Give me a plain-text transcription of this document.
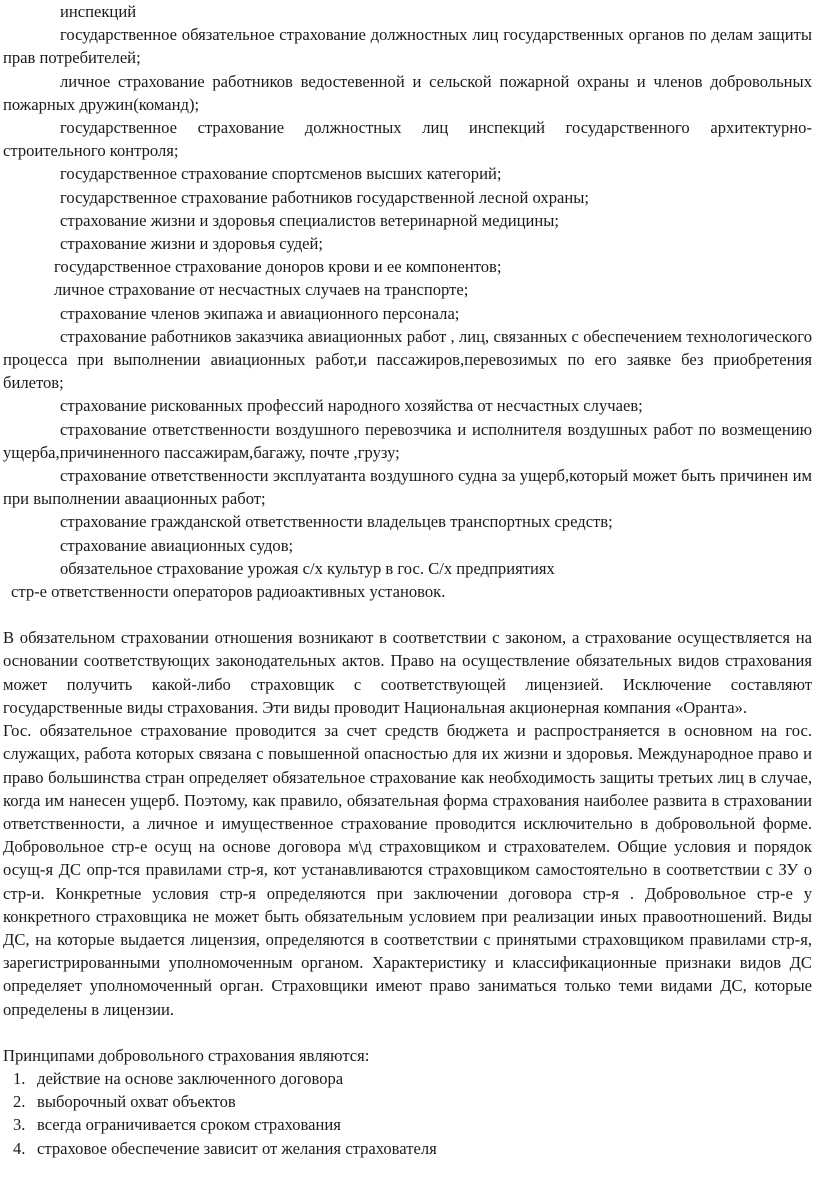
инспекций

государственное обязательное страхование должностных лиц государственных органов по делам защиты прав потребителей;

личное страхование работников ведостевенной и сельской пожарной охраны и членов добровольных пожарных дружин(команд);

государственное страхование должностных лиц инспекций государственного архитектурно-строительного контроля;

государственное страхование спортсменов высших категорий;

государственное страхование работников государственной лесной охраны;

страхование жизни и здоровья специалистов ветеринарной медицины;

страхование жизни и здоровья судей;

государственное страхование доноров крови и ее компонентов;

личное страхование от несчастных случаев на транспорте;

страхование членов экипажа и авиационного персонала;

страхование работников заказчика авиационных работ , лиц, связанных с обеспечением технологического процесса при выполнении авиационных работ,и пассажиров,перевозимых по его заявке без приобретения билетов;

страхование рискованных профессий народного хозяйства от несчастных случаев;

страхование ответственности воздушного перевозчика и исполнителя воздушных работ по возмещению ущерба,причиненного пассажирам,багажу, почте ,грузу;

страхование ответственности эксплуатанта воздушного судна за ущерб,который может быть причинен им при выполнении аваационных работ;

страхование гражданской ответственности владельцев транспортных средств;

страхование авиационных судов;

обязательное страхование урожая с/х культур в гос. С/х предприятиях

стр-е ответственности операторов радиоактивных установок.

В обязательном страховании отношения возникают в соответствии с законом, а страхование осуществляется на основании соответствующих законодательных актов. Право на осуществление обязательных видов страхования может получить какой-либо страховщик с соответствующей лицензией. Исключение составляют государственные виды страхования. Эти виды проводит Национальная акционерная компания «Оранта».

Гос. обязательное страхование проводится за счет средств бюджета и распространяется в основном на гос. служащих, работа которых связана с повышенной опасностью для их жизни и здоровья. Международное право и право большинства стран определяет обязательное страхование как необходимость защиты третьих лиц в случае, когда им нанесен ущерб. Поэтому, как правило, обязательная форма страхования наиболее развита в страховании ответственности, а личное и имущественное страхование проводится исключительно в добровольной форме. Добровольное стр-е осущ на основе договора м\д страховщиком и страхователем. Общие условия и порядок осущ-я ДС опр-тся правилами стр-я, кот устанавливаются страховщиком самостоятельно в соответствии с ЗУ о стр-и. Конкретные условия стр-я определяются при заключении договора стр-я . Добровольное стр-е у конкретного страховщика не может быть обязательным условием при реализации иных правоотношений. Виды ДС, на которые выдается лицензия, определяются в соответствии с принятыми страховщиком правилами стр-я, зарегистрированными уполномоченным органом. Характеристику и классификационные признаки видов ДС определяет уполномоченный орган. Страховщики имеют право заниматься только теми видами ДС, которые определены в лицензии.

Принципами добровольного страхования являются:

1. действие на основе заключенного договора
2. выборочный охват объектов
3. всегда ограничивается сроком страхования
4. страховое обеспечение зависит от желания страхователя
